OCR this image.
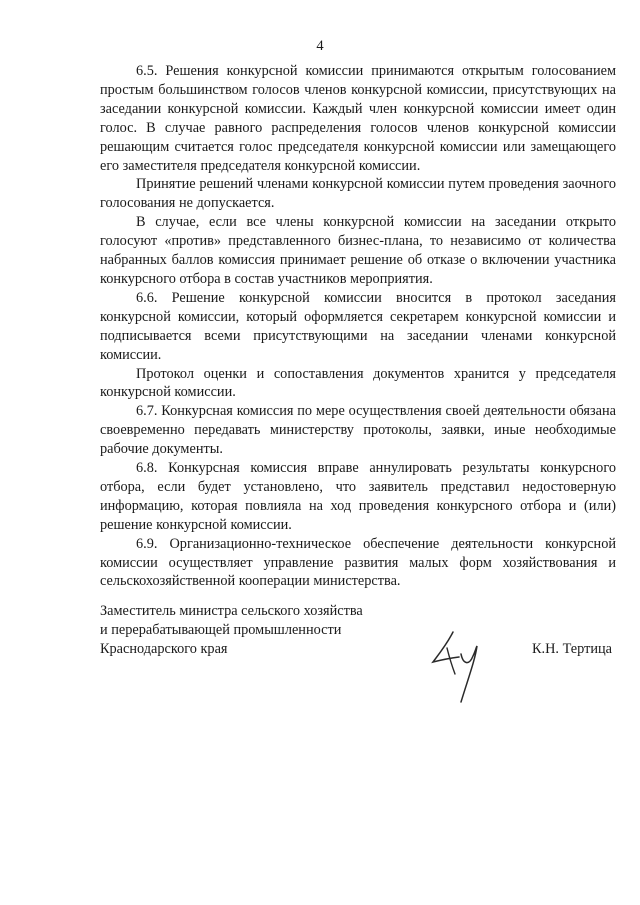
4

6.5. Решения конкурсной комиссии принимаются открытым голосованием простым большинством голосов членов конкурсной комиссии, присутствующих на заседании конкурсной комиссии. Каждый член конкурсной комиссии имеет один голос. В случае равного распределения голосов членов конкурсной комиссии решающим считается голос председателя конкурсной комиссии или замещающего его заместителя председателя конкурсной комиссии.

Принятие решений членами конкурсной комиссии путем проведения заочного голосования не допускается.

В случае, если все члены конкурсной комиссии на заседании открыто голосуют «против» представленного бизнес-плана, то независимо от количества набранных баллов комиссия принимает решение об отказе о включении участника конкурсного отбора в состав участников мероприятия.

6.6. Решение конкурсной комиссии вносится в протокол заседания конкурсной комиссии, который оформляется секретарем конкурсной комиссии и подписывается всеми присутствующими на заседании членами конкурсной комиссии.

Протокол оценки и сопоставления документов хранится у председателя конкурсной комиссии.

6.7. Конкурсная комиссия по мере осуществления своей деятельности обязана своевременно передавать министерству протоколы, заявки, иные необходимые рабочие документы.

6.8. Конкурсная комиссия вправе аннулировать результаты конкурсного отбора, если будет установлено, что заявитель представил недостоверную информацию, которая повлияла на ход проведения конкурсного отбора и (или) решение конкурсной комиссии.

6.9. Организационно-техническое обеспечение деятельности конкурсной комиссии осуществляет управление развития малых форм хозяйствования и сельскохозяйственной кооперации министерства.

Заместитель министра сельского хозяйства
и перерабатывающей промышленности
Краснодарского края	К.Н. Тертица
